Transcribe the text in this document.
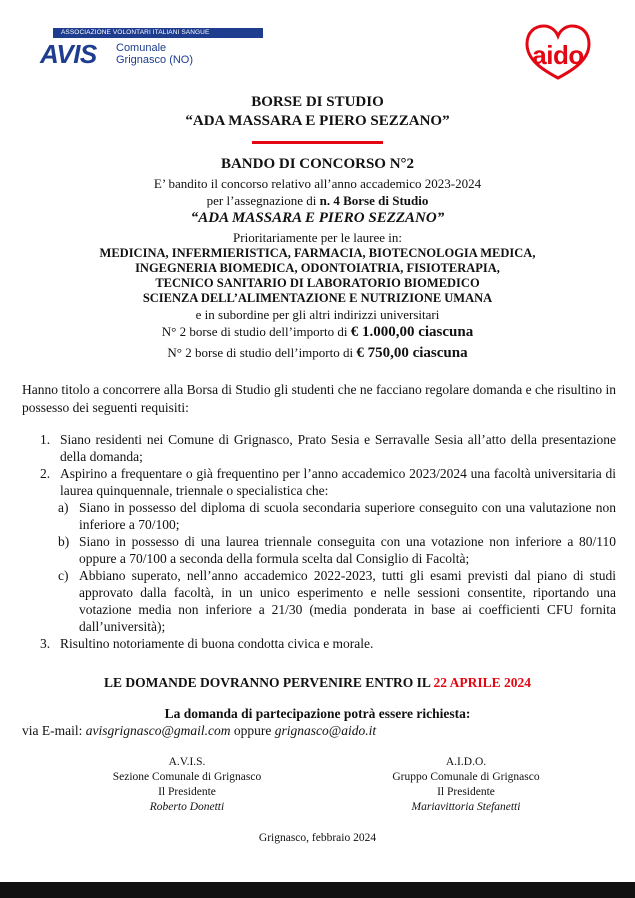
ASSOCIAZIONE VOLONTARI ITALIANI SANGUE
AVIS Comunale
Grignasco (NO)	aido
BORSE DI STUDIO
“ADA MASSARA E PIERO SEZZANO”
BANDO DI CONCORSO N°2
E’ bandito il concorso relativo all’anno accademico 2023-2024
per l’assegnazione di n. 4 Borse di Studio
“ADA MASSARA E PIERO SEZZANO”
Prioritariamente per le lauree in:
MEDICINA, INFERMIERISTICA, FARMACIA, BIOTECNOLOGIA MEDICA,
INGEGNERIA BIOMEDICA, ODONTOIATRIA, FISIOTERAPIA,
TECNICO SANITARIO DI LABORATORIO BIOMEDICO
SCIENZA DELL’ALIMENTAZIONE E NUTRIZIONE UMANA
e in subordine per gli altri indirizzi universitari
N° 2 borse di studio dell’importo di € 1.000,00 ciascuna
N° 2 borse di studio dell’importo di € 750,00 ciascuna
Hanno titolo a concorrere alla Borsa di Studio gli studenti che ne facciano regolare domanda e che risultino in possesso dei seguenti requisiti:
1. Siano residenti nei Comune di Grignasco, Prato Sesia e Serravalle Sesia all’atto della presentazione della domanda;
2. Aspirino a frequentare o già frequentino per l’anno accademico 2023/2024 una facoltà universitaria di laurea quinquennale, triennale o specialistica che:
a) Siano in possesso del diploma di scuola secondaria superiore conseguito con una valutazione non inferiore a 70/100;
b) Siano in possesso di una laurea triennale conseguita con una votazione non inferiore a 80/110 oppure a 70/100 a seconda della formula scelta dal Consiglio di Facoltà;
c) Abbiano superato, nell’anno accademico 2022-2023, tutti gli esami previsti dal piano di studi approvato dalla facoltà, in un unico esperimento e nelle sessioni consentite, riportando una votazione media non inferiore a 21/30 (media ponderata in base ai coefficienti CFU fornita dall’università);
3. Risultino notoriamente di buona condotta civica e morale.
LE DOMANDE DOVRANNO PERVENIRE ENTRO IL 22 APRILE 2024
La domanda di partecipazione potrà essere richiesta:
via E-mail: avisgrignasco@gmail.com oppure grignasco@aido.it
A.V.I.S.
Sezione Comunale di Grignasco
Il Presidente
Roberto Donetti
A.I.D.O.
Gruppo Comunale di Grignasco
Il Presidente
Mariavittoria Stefanetti
Grignasco, febbraio 2024
